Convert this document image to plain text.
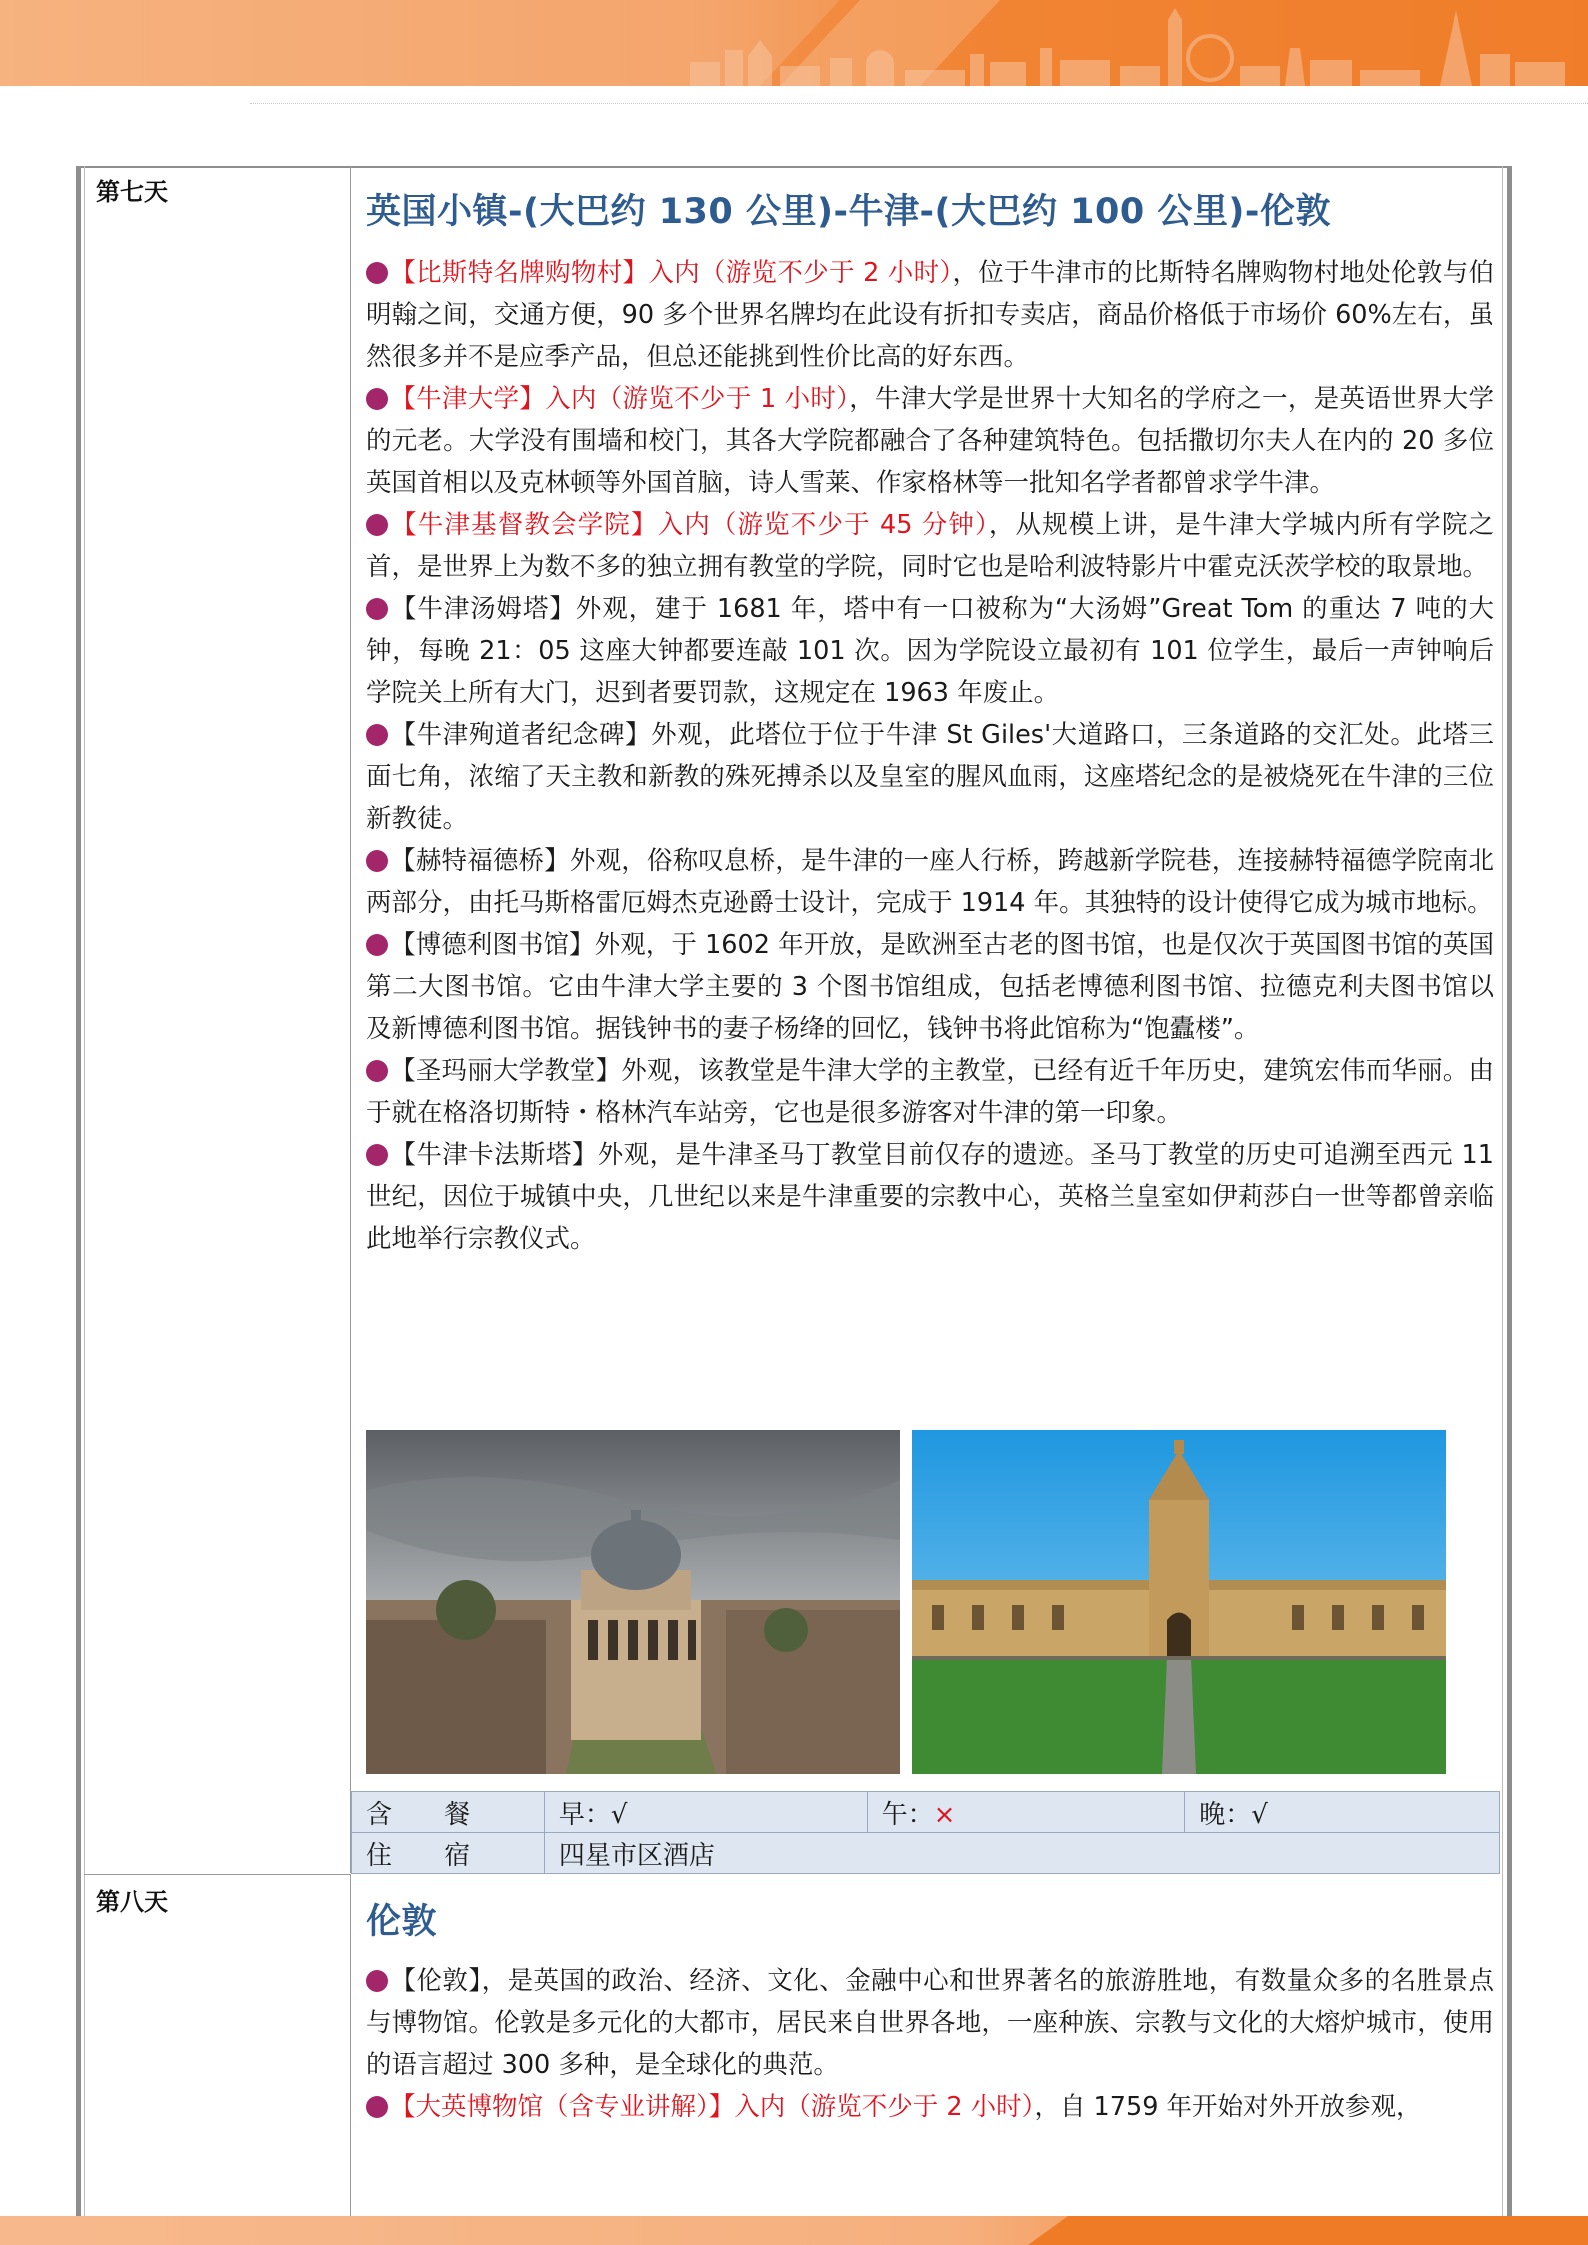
第七天	英国小镇-(大巴约 130 公里)-牛津-(大巴约 100 公里)-伦敦

【比斯特名牌购物村】入内（游览不少于 2 小时），位于牛津市的比斯特名牌购物村地处伦敦与伯明翰之间，交通方便，90 多个世界名牌均在此设有折扣专卖店，商品价格低于市场价 60%左右，虽然很多并不是应季产品，但总还能挑到性价比高的好东西。

【牛津大学】入内（游览不少于 1 小时），牛津大学是世界十大知名的学府之一，是英语世界大学的元老。大学没有围墙和校门，其各大学院都融合了各种建筑特色。包括撒切尔夫人在内的 20 多位英国首相以及克林顿等外国首脑，诗人雪莱、作家格林等一批知名学者都曾求学牛津。

【牛津基督教会学院】入内（游览不少于 45 分钟），从规模上讲，是牛津大学城内所有学院之首，是世界上为数不多的独立拥有教堂的学院，同时它也是哈利波特影片中霍克沃茨学校的取景地。

【牛津汤姆塔】外观，建于 1681 年，塔中有一口被称为“大汤姆”Great Tom 的重达 7 吨的大钟，每晚 21：05 这座大钟都要连敲 101 次。因为学院设立最初有 101 位学生，最后一声钟响后学院关上所有大门，迟到者要罚款，这规定在 1963 年废止。

【牛津殉道者纪念碑】外观，此塔位于位于牛津 St Giles'大道路口，三条道路的交汇处。此塔三面七角，浓缩了天主教和新教的殊死搏杀以及皇室的腥风血雨，这座塔纪念的是被烧死在牛津的三位新教徒。

【赫特福德桥】外观，俗称叹息桥，是牛津的一座人行桥，跨越新学院巷，连接赫特福德学院南北两部分，由托马斯格雷厄姆杰克逊爵士设计，完成于 1914 年。其独特的设计使得它成为城市地标。

【博德利图书馆】外观，于 1602 年开放，是欧洲至古老的图书馆，也是仅次于英国图书馆的英国第二大图书馆。它由牛津大学主要的 3 个图书馆组成，包括老博德利图书馆、拉德克利夫图书馆以及新博德利图书馆。据钱钟书的妻子杨绛的回忆，钱钟书将此馆称为“饱蠹楼”。

【圣玛丽大学教堂】外观，该教堂是牛津大学的主教堂，已经有近千年历史，建筑宏伟而华丽。由于就在格洛切斯特・格林汽车站旁，它也是很多游客对牛津的第一印象。

【牛津卡法斯塔】外观，是牛津圣马丁教堂目前仅存的遗迹。圣马丁教堂的历史可追溯至西元 11 世纪，因位于城镇中央，几世纪以来是牛津重要的宗教中心，英格兰皇室如伊莉莎白一世等都曾亲临此地举行宗教仪式。

含 餐	早：√	午：×	晚：√
住 宿	四星市区酒店		
第八天	伦敦

【伦敦】，是英国的政治、经济、文化、金融中心和世界著名的旅游胜地，有数量众多的名胜景点与博物馆。伦敦是多元化的大都市，居民来自世界各地，一座种族、宗教与文化的大熔炉城市，使用的语言超过 300 多种，是全球化的典范。

【大英博物馆（含专业讲解）】入内（游览不少于 2 小时），自 1759 年开始对外开放参观，
